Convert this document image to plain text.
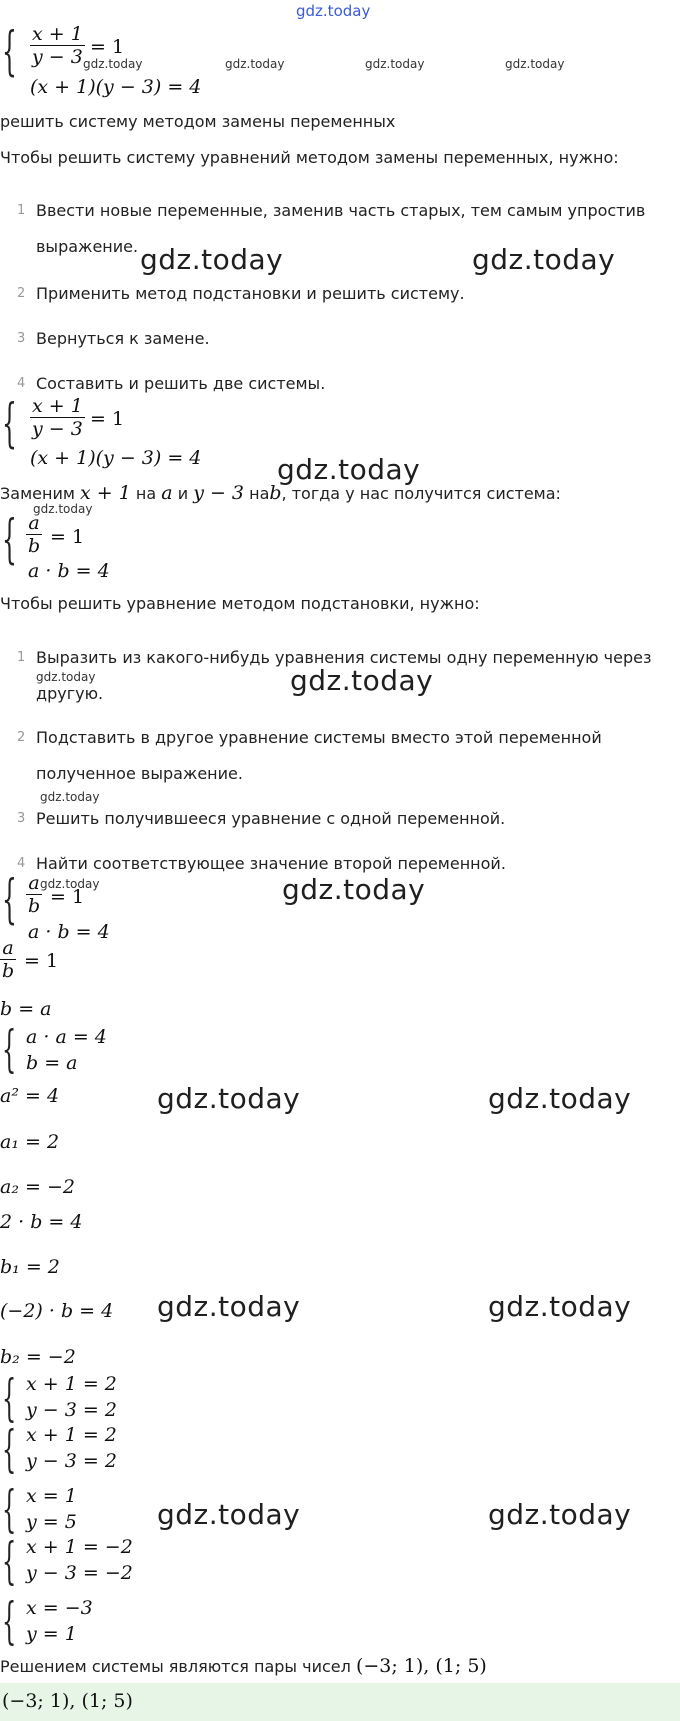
gdz.today
{ $\frac{x + 1}{y - 3} = 1$
(x + 1)(y − 3) = 4
gdz.today	gdz.today	gdz.today	gdz.today
решить систему методом замены переменных
Чтобы решить систему уравнений методом замены переменных, нужно:
1 Ввести новые переменные, заменив часть старых, тем самым упростив
выражение.
2 Применить метод подстановки и решить систему.
3 Вернуться к замене.
4 Составить и решить две системы.
gdz.today	gdz.today
{ $\frac{x + 1}{y - 3} = 1$
(x + 1)(y − 3) = 4	gdz.today
Заменим x + 1 на a и y − 3 наb, тогда у нас получится система:
gdz.today
{ $\frac{a}{b} = 1$
a · b = 4
Чтобы решить уравнение методом подстановки, нужно:
1 Выразить из какого-нибудь уравнения системы одну переменную через
другую.
2 Подставить в другое уравнение системы вместо этой переменной
полученное выражение.
3 Решить получившееся уравнение с одной переменной.
4 Найти соответствующее значение второй переменной.
gdz.today	gdz.today
gdz.today
{ $\frac{a}{b} = 1$
a · b = 4
gdz.today	gdz.today
$\frac{a}{b} = 1$
b = a
{ a · a = 4
b = a
a² = 4
a₁ = 2
a₂ = −2
2 · b = 4
b₁ = 2
(−2) · b = 4
b₂ = −2
gdz.today	gdz.today
gdz.today	gdz.today
{ x + 1 = 2
y − 3 = 2
{ x + 1 = 2
y − 3 = 2
{ x = 1
y = 5
{ x + 1 = −2
y − 3 = −2
{ x = −3
y = 1
gdz.today	gdz.today
Решением системы являются пары чисел (−3; 1), (1; 5)
(−3; 1), (1; 5)
